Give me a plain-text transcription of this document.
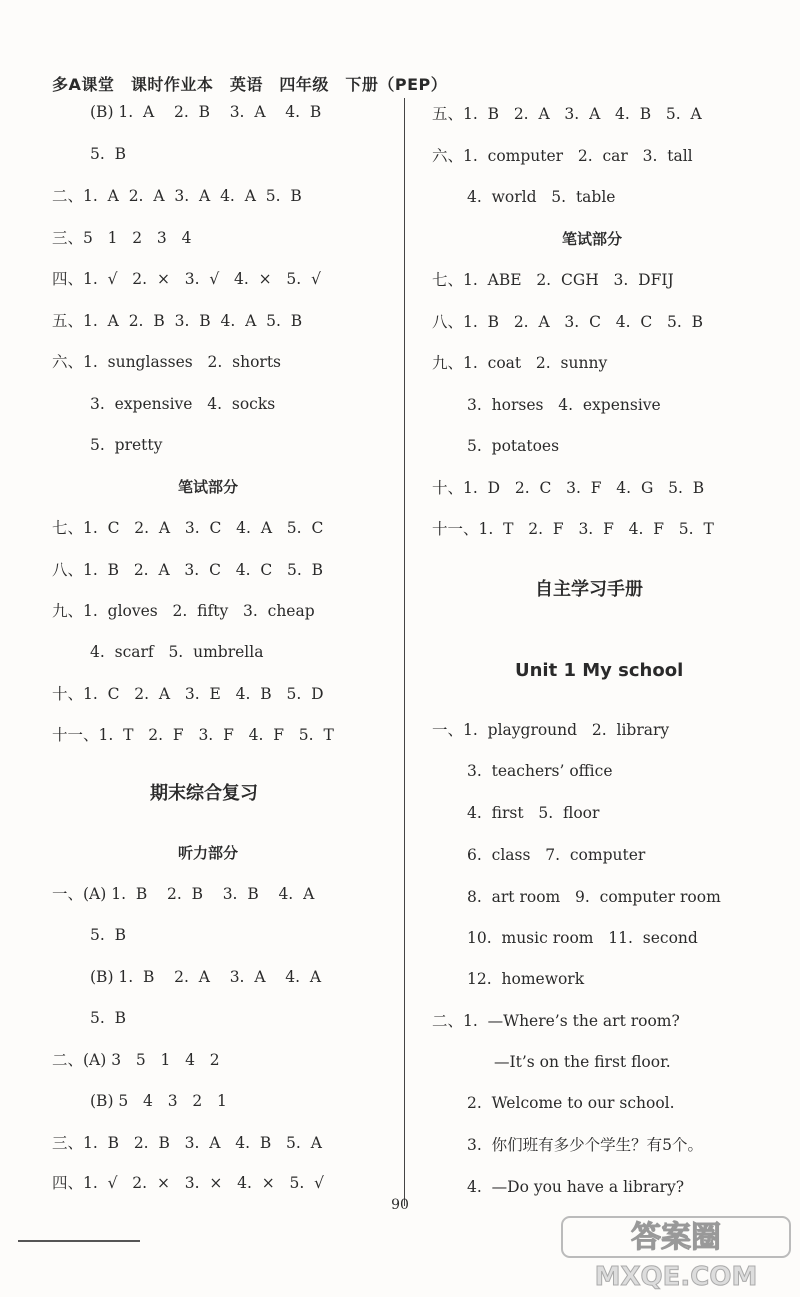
多A课堂　课时作业本　英语　四年级　下册（PEP）
(B) 1.  A    2.  B    3.  A    4.  B
5.  B
二、1.  A  2.  A  3.  A  4.  A  5.  B
三、5   1   2   3   4
四、1.  √   2.  ×   3.  √   4.  ×   5.  √
五、1.  A  2.  B  3.  B  4.  A  5.  B
六、1.  sunglasses   2.  shorts
3.  expensive   4.  socks
5.  pretty
笔试部分
七、1.  C   2.  A   3.  C   4.  A   5.  C
八、1.  B   2.  A   3.  C   4.  C   5.  B
九、1.  gloves   2.  fifty   3.  cheap
4.  scarf   5.  umbrella
十、1.  C   2.  A   3.  E   4.  B   5.  D
十一、1.  T   2.  F   3.  F   4.  F   5.  T
期末综合复习
听力部分
一、(A) 1.  B    2.  B    3.  B    4.  A
5.  B
(B) 1.  B    2.  A    3.  A    4.  A
5.  B
二、(A) 3   5   1   4   2
(B) 5   4   3   2   1
三、1.  B   2.  B   3.  A   4.  B   5.  A
四、1.  √   2.  ×   3.  ×   4.  ×   5.  √
五、1.  B   2.  A   3.  A   4.  B   5.  A
六、1.  computer   2.  car   3.  tall
4.  world   5.  table
笔试部分
七、1.  ABE   2.  CGH   3.  DFIJ
八、1.  B   2.  A   3.  C   4.  C   5.  B
九、1.  coat   2.  sunny
3.  horses   4.  expensive
5.  potatoes
十、1.  D   2.  C   3.  F   4.  G   5.  B
十一、1.  T   2.  F   3.  F   4.  F   5.  T
自主学习手册
Unit 1 My school
一、1.  playground   2.  library
3.  teachers’ office
4.  first   5.  floor
6.  class   7.  computer
8.  art room   9.  computer room
10.  music room   11.  second
12.  homework
二、1.  —Where’s the art room?
—It’s on the first floor.
2.  Welcome to our school.
3.  你们班有多少个学生？有5个。
4.  —Do you have a library?
90
答案圈
MXQE.COM
